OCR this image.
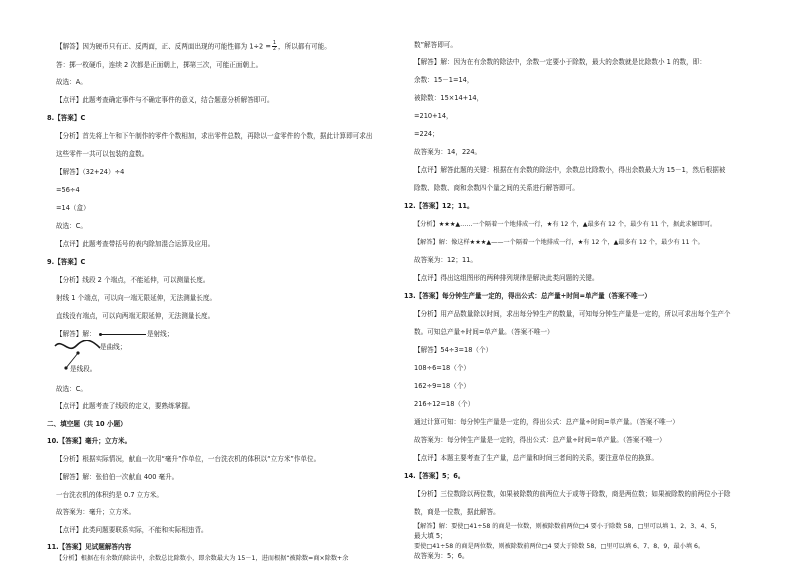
【解答】因为硬币只有正、反两面，正、反两面出现的可能性都为 $1\div 2 = \frac{1}{2}$ ，所以都有可能。
答：掷一枚硬币，连续 2 次都是正面朝上，掷第三次，可能正面朝上。
故选：A。
【点评】此题考查确定事件与不确定事件的意义，结合题意分析解答即可。
8.【答案】C
【分析】首先将上午和下午制作的零件个数相加，求出零件总数，再除以一盒零件的个数，据此计算即可求出
这些零件一共可以包装的盒数。
【解答】（32+24）÷4
=56÷4
=14（盒）
故选：C。
【点评】此题考查带括号的表内除加混合运算及应用。
9.【答案】C
【分析】线段 2 个端点，不能延伸，可以测量长度。
射线 1 个端点，可以向一端无限延伸，无法测量长度。
直线没有端点，可以向两端无限延伸，无法测量长度。
【解答】解：	是射线；
是曲线；
是线段。
故选：C。
【点评】此题考查了线段的定义，要熟练掌握。
二、填空题（共 10 小题）
10.【答案】毫升；立方米。
【分析】根据实际情况，献血一次用“毫升”作单位，一台洗衣机的体积以“立方米”作单位。
【解答】解：张伯伯一次献血 400 毫升。
一台洗衣机的体积约是 0.7 立方米。
故答案为：毫升；立方米。
【点评】此类问题要联系实际，不能和实际相违背。
11.【答案】见试题解答内容
【分析】根据在有余数的除法中，余数总比除数小，即余数最大为 15－1，进而根据“被除数=商×除数+余
数”解答即可。
【解答】解：因为在有余数的除法中，余数一定要小于除数，最大的余数就是比除数小 1 的数，即：
余数：15－1=14，
被除数：15×14+14，
=210+14，
=224；
故答案为：14，224。
【点评】解答此题的关键：根据在有余数的除法中，余数总比除数小，得出余数最大为 15－1，然后根据被
除数、除数、商和余数四个量之间的关系进行解答即可。
12.【答案】12；11。
【分析】★★★▲……一个隔着一个地排成一行，★有 12 个，▲最多有 12 个，最少有 11 个，据此求解即可。
【解答】解：像这样★★★▲——一个隔着一个地排成一行，★有 12 个，▲最多有 12 个，最少有 11 个。
故答案为：12；11。
【点评】得出这组图形的两种排列规律是解决此类问题的关键。
13.【答案】每分钟生产量一定的，得出公式：总产量÷时间=单产量（答案不唯一）
【分析】用产品数量除以时间，求出每分钟生产的数量，可知每分钟生产量是一定的，所以可求出每个生产个
数。可知总产量÷时间=单产量。（答案不唯一）
【解答】54÷3=18（个）
108÷6=18（个）
162÷9=18（个）
216÷12=18（个）
通过计算可知：每分钟生产量是一定的，得出公式：总产量÷时间=单产量。（答案不唯一）
故答案为：每分钟生产量是一定的，得出公式：总产量÷时间=单产量。（答案不唯一）
【点评】本题主要考查了生产量，总产量和时间三者间的关系，要注意单位的换算。
14.【答案】5；6。
【分析】三位数除以两位数，如果被除数的前两位大于或等于除数，商是两位数；如果被除数的前两位小于除
数，商是一位数，据此解答。
【解答】解：要使□41÷58 的商是一位数，则被除数前两位□4 要小于除数 58，□里可以填 1、2、3、4、5，
最大填 5；
要使□41÷58 的商是两位数，则被除数前两位□4 要大于除数 58，□里可以填 6、7、8、9，最小填 6。
故答案为：5；6。
